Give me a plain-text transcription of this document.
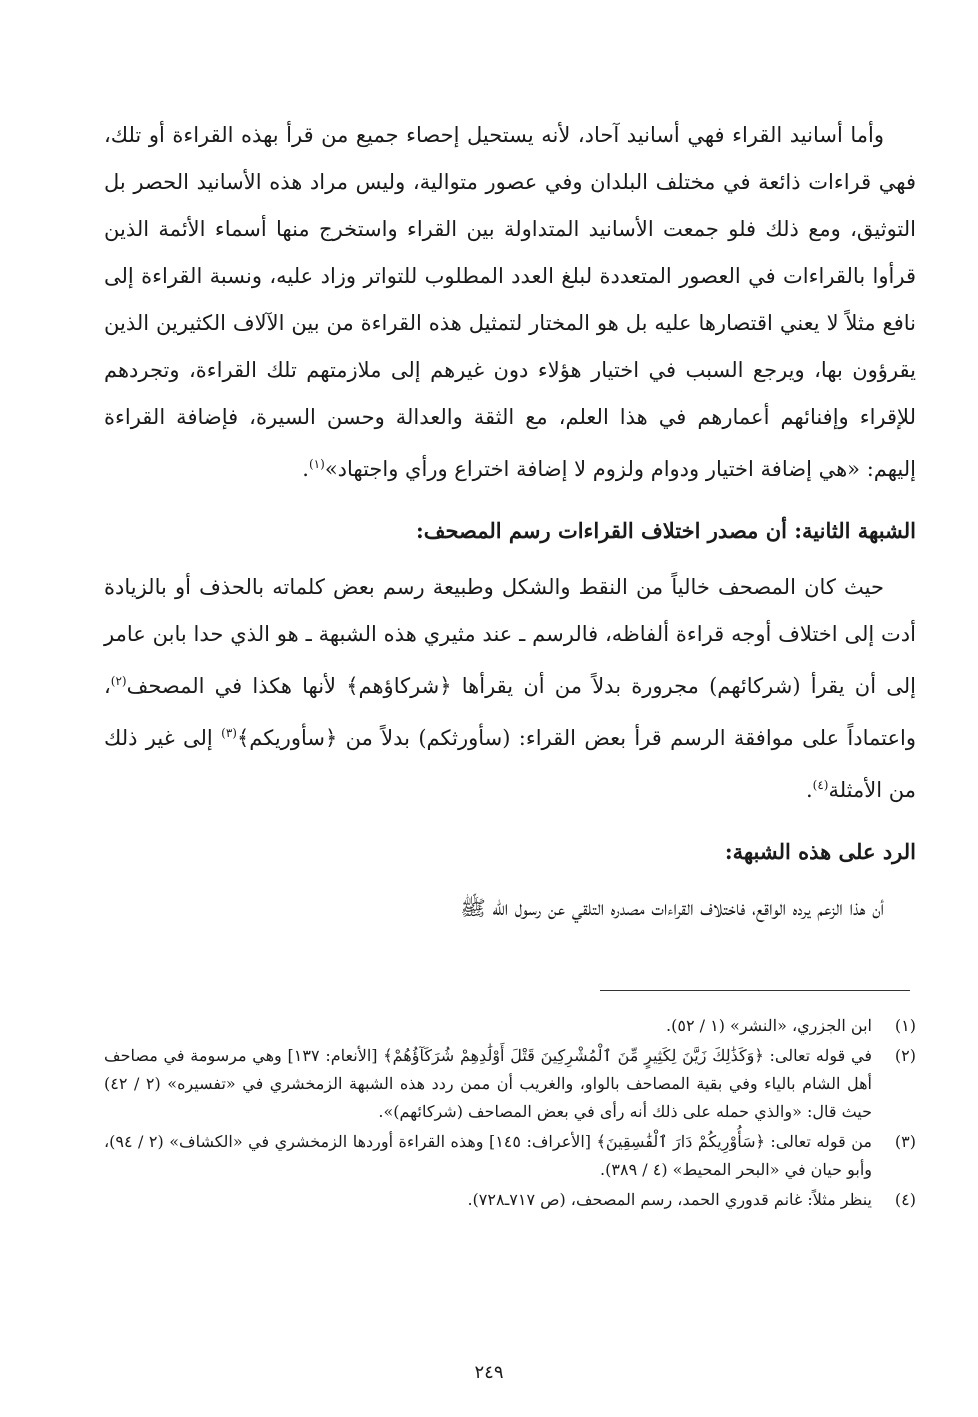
وأما أسانيد القراء فهي أسانيد آحاد، لأنه يستحيل إحصاء جميع من قرأ بهذه القراءة أو تلك، فهي قراءات ذائعة في مختلف البلدان وفي عصور متوالية، وليس مراد هذه الأسانيد الحصر بل التوثيق، ومع ذلك فلو جمعت الأسانيد المتداولة بين القراء واستخرج منها أسماء الأئمة الذين قرأوا بالقراءات في العصور المتعددة لبلغ العدد المطلوب للتواتر وزاد عليه، ونسبة القراءة إلى نافع مثلاً لا يعني اقتصارها عليه بل هو المختار لتمثيل هذه القراءة من بين الآلاف الكثيرين الذين يقرؤون بها، ويرجع السبب في اختيار هؤلاء دون غيرهم إلى ملازمتهم تلك القراءة، وتجردهم للإقراء وإفنائهم أعمارهم في هذا العلم، مع الثقة والعدالة وحسن السيرة، فإضافة القراءة إليهم: «هي إضافة اختيار ودوام ولزوم لا إضافة اختراع ورأي واجتهاد»$^{(١)}$.

الشبهة الثانية: أن مصدر اختلاف القراءات رسم المصحف:

حيث كان المصحف خالياً من النقط والشكل وطبيعة رسم بعض كلماته بالحذف أو بالزيادة أدت إلى اختلاف أوجه قراءة ألفاظه، فالرسم ـ عند مثيري هذه الشبهة ـ هو الذي حدا بابن عامر إلى أن يقرأ (شركائهم) مجرورة بدلاً من أن يقرأها ﴿شركاؤهم﴾ لأنها هكذا في المصحف$^{(٢)}$، واعتماداً على موافقة الرسم قرأ بعض القراء: (سأورثكم) بدلاً من ﴿سأوريكم﴾$^{(٣)}$ إلى غير ذلك من الأمثلة$^{(٤)}$.

الرد على هذه الشبهة:

أن هذا الزعم يرده الواقع، فاختلاف القراءات مصدره التلقي عن رسول الله ﷺ

(١)
ابن الجزري، «النشر» (١ / ٥٢).
(٢)
في قوله تعالى: ﴿وَكَذَٰلِكَ زَيَّنَ لِكَثِيرٍ مِّنَ ٱلْمُشْرِكِينَ قَتْلَ أَوْلَٰدِهِمْ شُرَكَآؤُهُمْ﴾ [الأنعام: ١٣٧] وهي مرسومة في مصاحف أهل الشام بالياء وفي بقية المصاحف بالواو، والغريب أن ممن ردد هذه الشبهة الزمخشري في «تفسيره» (٢ / ٤٢) حيث قال: «والذي حمله على ذلك أنه رأى في بعض المصاحف (شركائهم)».
(٣)
من قوله تعالى: ﴿سَأُوْرِيكُمْ دَارَ ٱلْفَٰسِقِينَ﴾ [الأعراف: ١٤٥] وهذه القراءة أوردها الزمخشري في «الكشاف» (٢ / ٩٤)، وأبو حيان في «البحر المحيط» (٤ / ٣٨٩).
(٤)
ينظر مثلاً: غانم قدوري الحمد، رسم المصحف، (ص ٧١٧ـ٧٢٨).
٢٤٩
